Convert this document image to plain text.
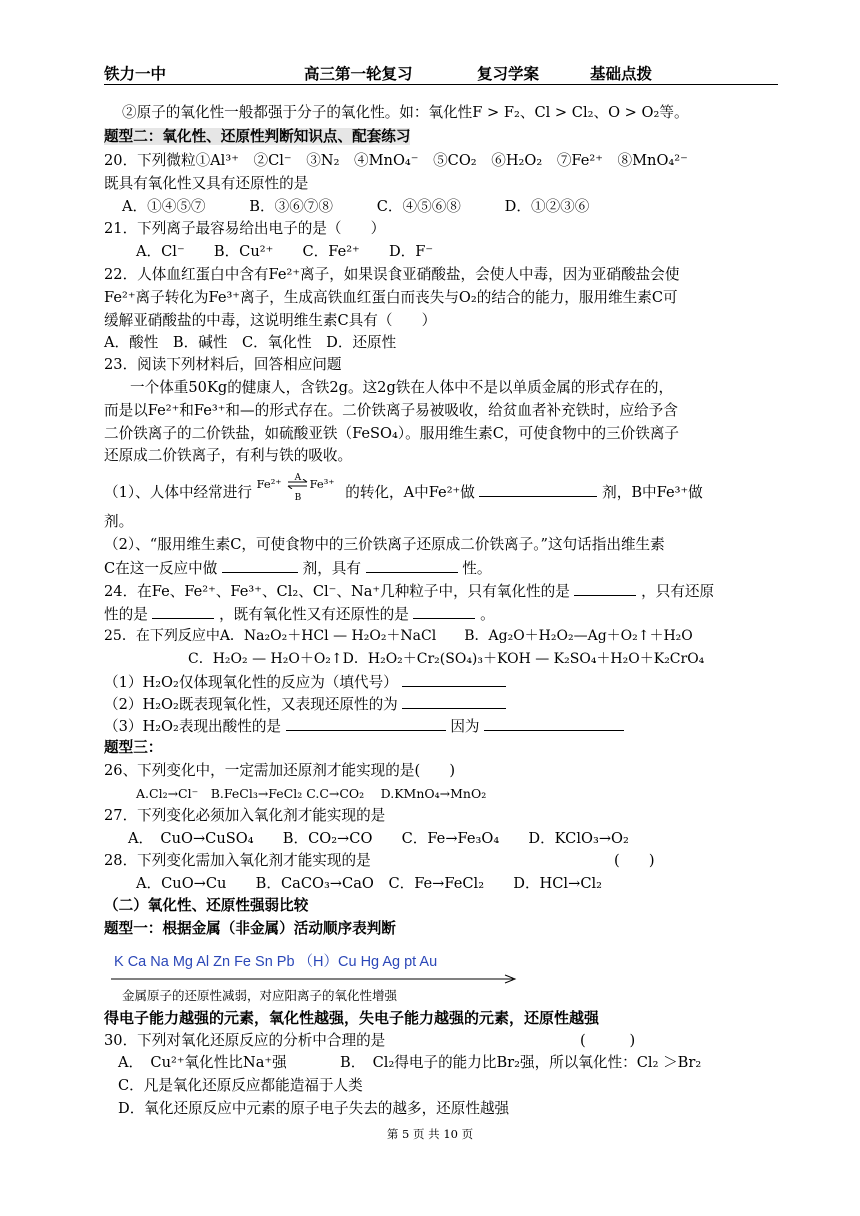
铁力一中	高三第一轮复习	复习学案	基础点拨
②原子的氧化性一般都强于分子的氧化性。如：氧化性F > F₂、Cl > Cl₂、O > O₂等。
题型二：氧化性、还原性判断知识点、配套练习
20．下列微粒①Al³⁺　②Cl⁻　③N₂　④MnO₄⁻　⑤CO₂　⑥H₂O₂　⑦Fe²⁺　⑧MnO₄²⁻
既具有氧化性又具有还原性的是
A．①④⑤⑦　　　B．③⑥⑦⑧　　　C．④⑤⑥⑧　　　D．①②③⑥
21．下列离子最容易给出电子的是（　　）
A．Cl⁻　　B．Cu²⁺　　C．Fe²⁺　　D．F⁻
22．人体血红蛋白中含有Fe²⁺离子，如果误食亚硝酸盐，会使人中毒，因为亚硝酸盐会使
Fe²⁺离子转化为Fe³⁺离子，生成高铁血红蛋白而丧失与O₂的结合的能力，服用维生素C可
缓解亚硝酸盐的中毒，这说明维生素C具有（　　）
A．酸性　B．碱性　C．氧化性　D．还原性
23．阅读下列材料后，回答相应问题
一个体重50Kg的健康人，含铁2g。这2g铁在人体中不是以单质金属的形式存在的，
而是以Fe²⁺和Fe³⁺和—的形式存在。二价铁离子易被吸收，给贫血者补充铁时，应给予含
二价铁离子的二价铁盐，如硫酸亚铁（FeSO₄）。服用维生素C，可使食物中的三价铁离子
还原成二价铁离子，有利与铁的吸收。
（1）、人体中经常进行 Fe²⁺ A
B
Fe³⁺ 的转化，A中Fe²⁺做	剂，B中Fe³⁺做
剂。
（2）、“服用维生素C，可使食物中的三价铁离子还原成二价铁离子。”这句话指出维生素
C在这一反应中做	剂，具有	性。
24．在Fe、Fe²⁺、Fe³⁺、Cl₂、Cl⁻、Na⁺几种粒子中，只有氧化性的是	，只有还原
性的是	，既有氧化性又有还原性的是	。
25．在下列反应中A．Na₂O₂＋HCl — H₂O₂＋NaCl　　B．Ag₂O＋H₂O₂—Ag＋O₂↑＋H₂O
C．H₂O₂ — H₂O＋O₂↑D．H₂O₂＋Cr₂(SO₄)₃＋KOH — K₂SO₄＋H₂O＋K₂CrO₄
（1）H₂O₂仅体现氧化性的反应为（填代号）
（2）H₂O₂既表现氧化性，又表现还原性的为
（3）H₂O₂表现出酸性的是	因为
题型三：
26、下列变化中，一定需加还原剂才能实现的是(　　)
A.Cl₂→Cl⁻　B.FeCl₃→FeCl₂ C.C→CO₂　 D.KMnO₄→MnO₂
27．下列变化必须加入氧化剂才能实现的是
A．　CuO→CuSO₄　　B．CO₂→CO　　C．Fe→Fe₃O₄　　D．KClO₃→O₂
28．下列变化需加入氧化剂才能实现的是	(　　)
A．CuO→Cu　　B．CaCO₃→CaO　C．Fe→FeCl₂　　D．HCl→Cl₂
（二）氧化性、还原性强弱比较
题型一：根据金属（非金属）活动顺序表判断
K Ca Na Mg Al Zn Fe Sn Pb （H）Cu Hg Ag pt Au
金属原子的还原性减弱，对应阳离子的氧化性增强
得电子能力越强的元素，氧化性越强，失电子能力越强的元素，还原性越强
30．下列对氧化还原反应的分析中合理的是	(　　　)
A．　Cu²⁺氧化性比Na⁺强	B．　Cl₂得电子的能力比Br₂强，所以氧化性：Cl₂ ＞Br₂
C．凡是氧化还原反应都能造福于人类
D．氧化还原反应中元素的原子电子失去的越多，还原性越强
第 5 页 共 10 页
